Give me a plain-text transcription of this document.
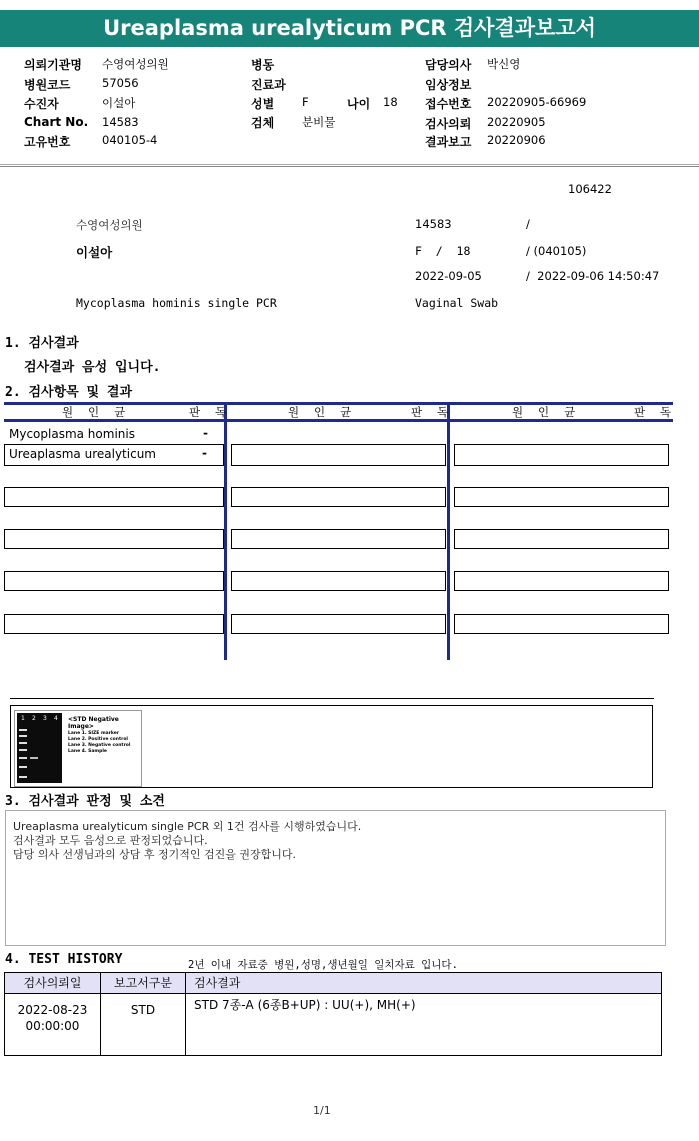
Ureaplasma urealyticum PCR 검사결과보고서
의뢰기관명 수영여성의원
병원코드	57056
수진자	이설아
Chart No. 14583
고유번호	040105-4
병동
진료과
성별 F	나이 18
검체 분비물
담당의사 박신영
임상정보
접수번호 20220905-66969
검사의뢰 20220905
결과보고 20220906
106422
수영여성의원	14583	/
이설아	F  /  18	/ (040105)
2022-09-05	/  2022-09-06 14:50:47
Mycoplasma hominis single PCR	Vaginal Swab
1. 검사결과
검사결과 음성 입니다.
2. 검사항목 및 결과
원 인 균	판 독	원 인 균	판 독	원 인 균	판 독
Mycoplasma hominis	-
Ureaplasma urealyticum	-
1 2 3 4 <STD Negative Image>
Lane 1. SIZE marker
Lane 2. Positive control
Lane 3. Negative control
Lane 4. Sample
3. 검사결과 판정 및 소견
Ureaplasma urealyticum single PCR 외 1건 검사를 시행하였습니다.
검사결과 모두 음성으로 판정되었습니다.
담당 의사 선생님과의 상담 후 정기적인 검진을 권장합니다.
4. TEST HISTORY	2년 이내 자료중 병원,성명,생년월일 일치자료 입니다.
검사의뢰일	보고서구분	검사결과

2022-08-23
00:00:00	STD	STD 7종-A (6종B+UP) : UU(+), MH(+)
1/1
